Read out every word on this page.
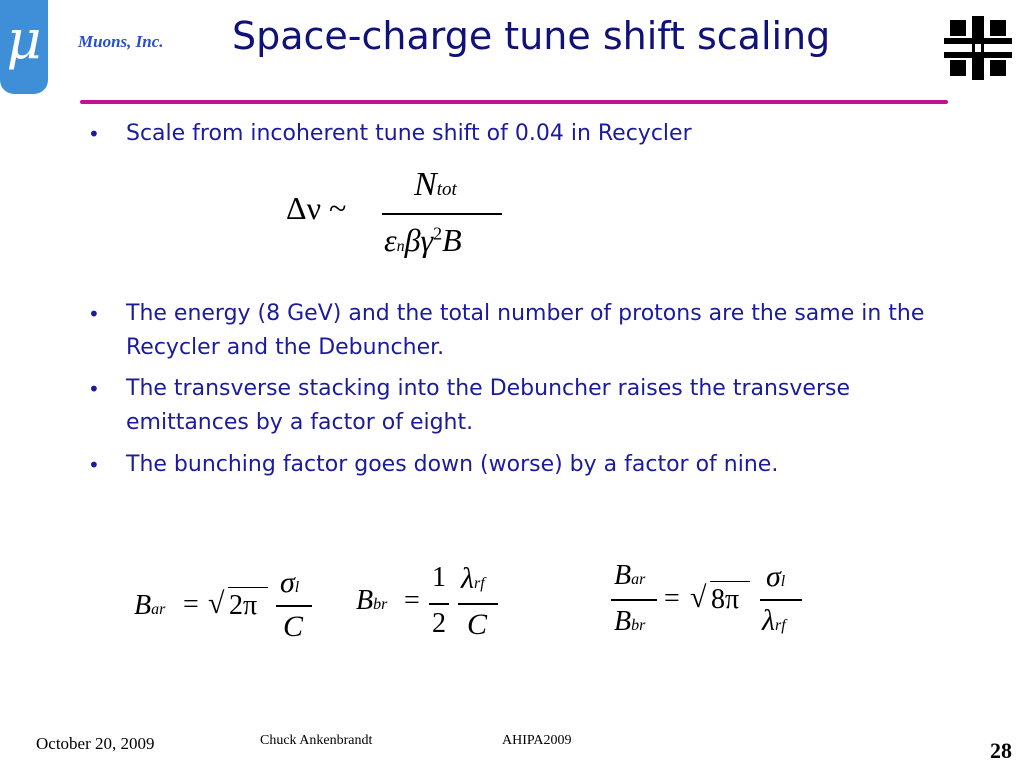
μ	Muons, Inc. Space-charge tune shift scaling
•	Scale from incoherent tune shift of 0.04 in Recycler
Δν ~
Ntot
εnβγ$^2$B
•	The energy (8 GeV) and the total number of protons are the same in the Recycler and the Debuncher.
•	The transverse stacking into the Debuncher raises the transverse emittances by a factor of eight.
•	The bunching factor goes down (worse) by a factor of nine.
Bar = √ 2π
σl
C
Bbr =
1
2
λrf
C
Bar
Bbr
= √ 8π
σl
λrf
October 20, 2009	Chuck Ankenbrandt	AHIPA2009	28
